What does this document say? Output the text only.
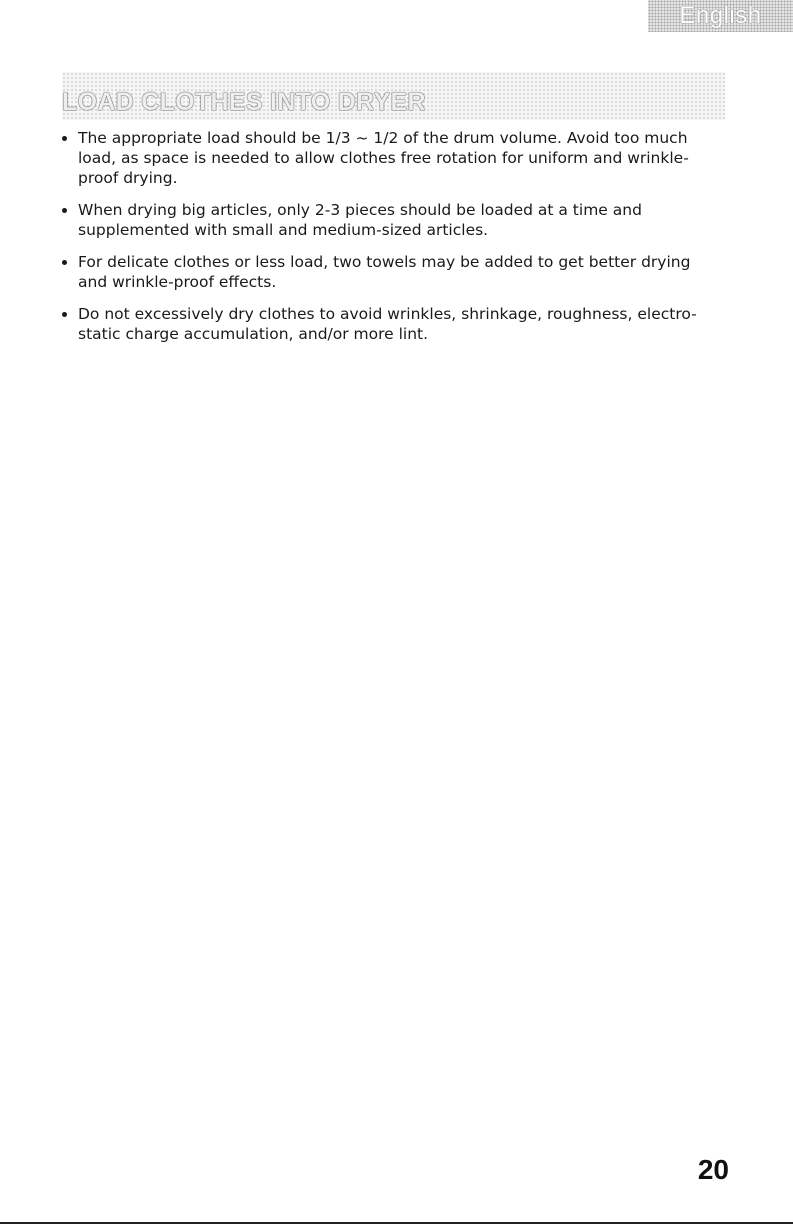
English
LOAD CLOTHES INTO DRYER
The appropriate load should be 1/3 ~ 1/2 of the drum volume. Avoid too much load, as space is needed to allow clothes free rotation for uniform and wrinkle-proof drying.
When drying big articles, only 2-3 pieces should be loaded at a time and supplemented with small and medium-sized articles.
For delicate clothes or less load, two towels may be added to get better drying and wrinkle-proof effects.
Do not excessively dry clothes to avoid wrinkles, shrinkage, roughness, electro-static charge accumulation, and/or more lint.
20
